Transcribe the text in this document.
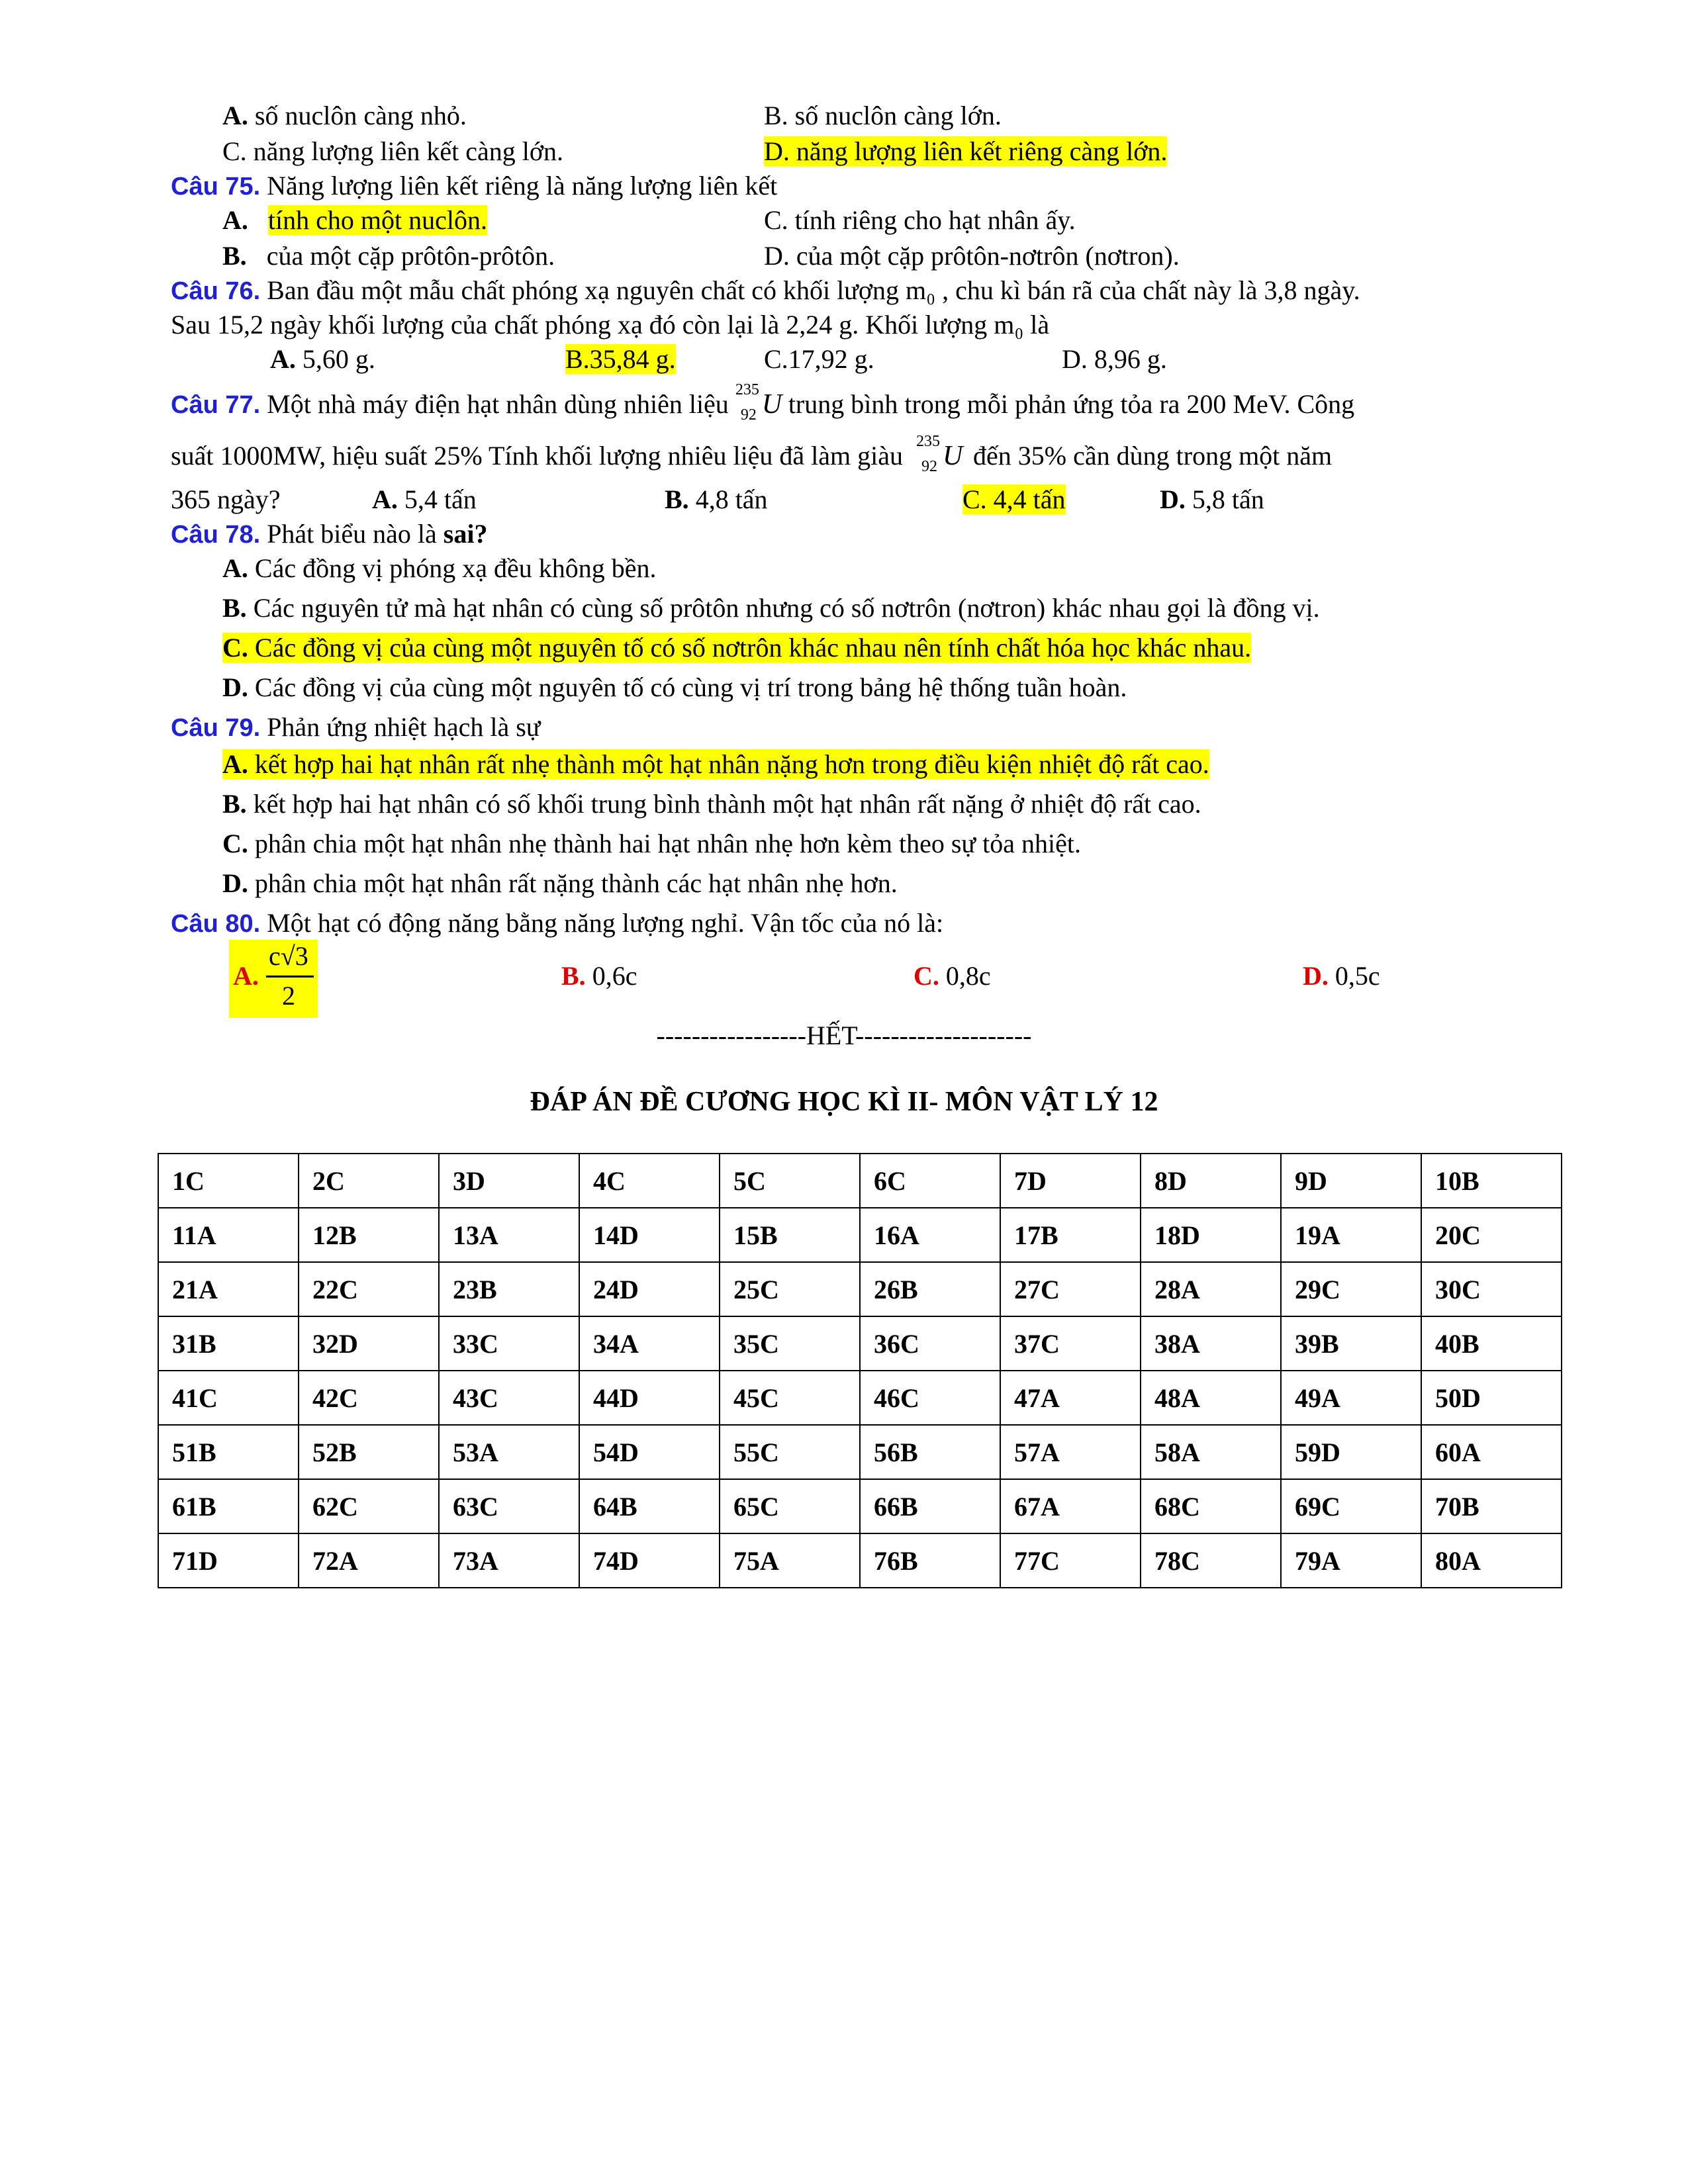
A. số nuclôn càng nhỏ.	B. số nuclôn càng lớn.
C. năng lượng liên kết càng lớn.	D. năng lượng liên kết riêng càng lớn.
Câu 75. Năng lượng liên kết riêng là năng lượng liên kết
A. tính cho một nuclôn.	C. tính riêng cho hạt nhân ấy.
B. của một cặp prôtôn-prôtôn.	D. của một cặp prôtôn-nơtrôn (nơtron).
Câu 76. Ban đầu một mẫu chất phóng xạ nguyên chất có khối lượng m₀ , chu kì bán rã của chất này là 3,8 ngày.
Sau 15,2 ngày khối lượng của chất phóng xạ đó còn lại là 2,24 g. Khối lượng m₀ là
A. 5,60 g.	B.35,84 g.	C.17,92 g.	D. 8,96 g.
Câu 77. Một nhà máy điện hạt nhân dùng nhiên liệu 235
92 U trung bình trong mỗi phản ứng tỏa ra 200 MeV. Công
suất 1000MW, hiệu suất 25% Tính khối lượng nhiêu liệu đã làm giàu 235
92 U đến 35% cần dùng trong một năm
365 ngày?	A. 5,4 tấn	B. 4,8 tấn	C. 4,4 tấn	D. 5,8 tấn
Câu 78. Phát biểu nào là sai?
A. Các đồng vị phóng xạ đều không bền.
B. Các nguyên tử mà hạt nhân có cùng số prôtôn nhưng có số nơtrôn (nơtron) khác nhau gọi là đồng vị.
C. Các đồng vị của cùng một nguyên tố có số nơtrôn khác nhau nên tính chất hóa học khác nhau.
D. Các đồng vị của cùng một nguyên tố có cùng vị trí trong bảng hệ thống tuần hoàn.
Câu 79. Phản ứng nhiệt hạch là sự
A. kết hợp hai hạt nhân rất nhẹ thành một hạt nhân nặng hơn trong điều kiện nhiệt độ rất cao.
B. kết hợp hai hạt nhân có số khối trung bình thành một hạt nhân rất nặng ở nhiệt độ rất cao.
C. phân chia một hạt nhân nhẹ thành hai hạt nhân nhẹ hơn kèm theo sự tỏa nhiệt.
D. phân chia một hạt nhân rất nặng thành các hạt nhân nhẹ hơn.
Câu 80. Một hạt có động năng bằng năng lượng nghỉ. Vận tốc của nó là:
A.
c√3
2
B. 0,6c	C. 0,8c	D. 0,5c
-----------------HẾT--------------------
ĐÁP ÁN ĐỀ CƯƠNG HỌC KÌ II- MÔN VẬT LÝ 12
1C	2C	3D	4C	5C	6C	7D	8D	9D	10B
11A	12B	13A	14D	15B	16A	17B	18D	19A	20C
21A	22C	23B	24D	25C	26B	27C	28A	29C	30C
31B	32D	33C	34A	35C	36C	37C	38A	39B	40B
41C	42C	43C	44D	45C	46C	47A	48A	49A	50D
51B	52B	53A	54D	55C	56B	57A	58A	59D	60A
61B	62C	63C	64B	65C	66B	67A	68C	69C	70B
71D	72A	73A	74D	75A	76B	77C	78C	79A	80A
